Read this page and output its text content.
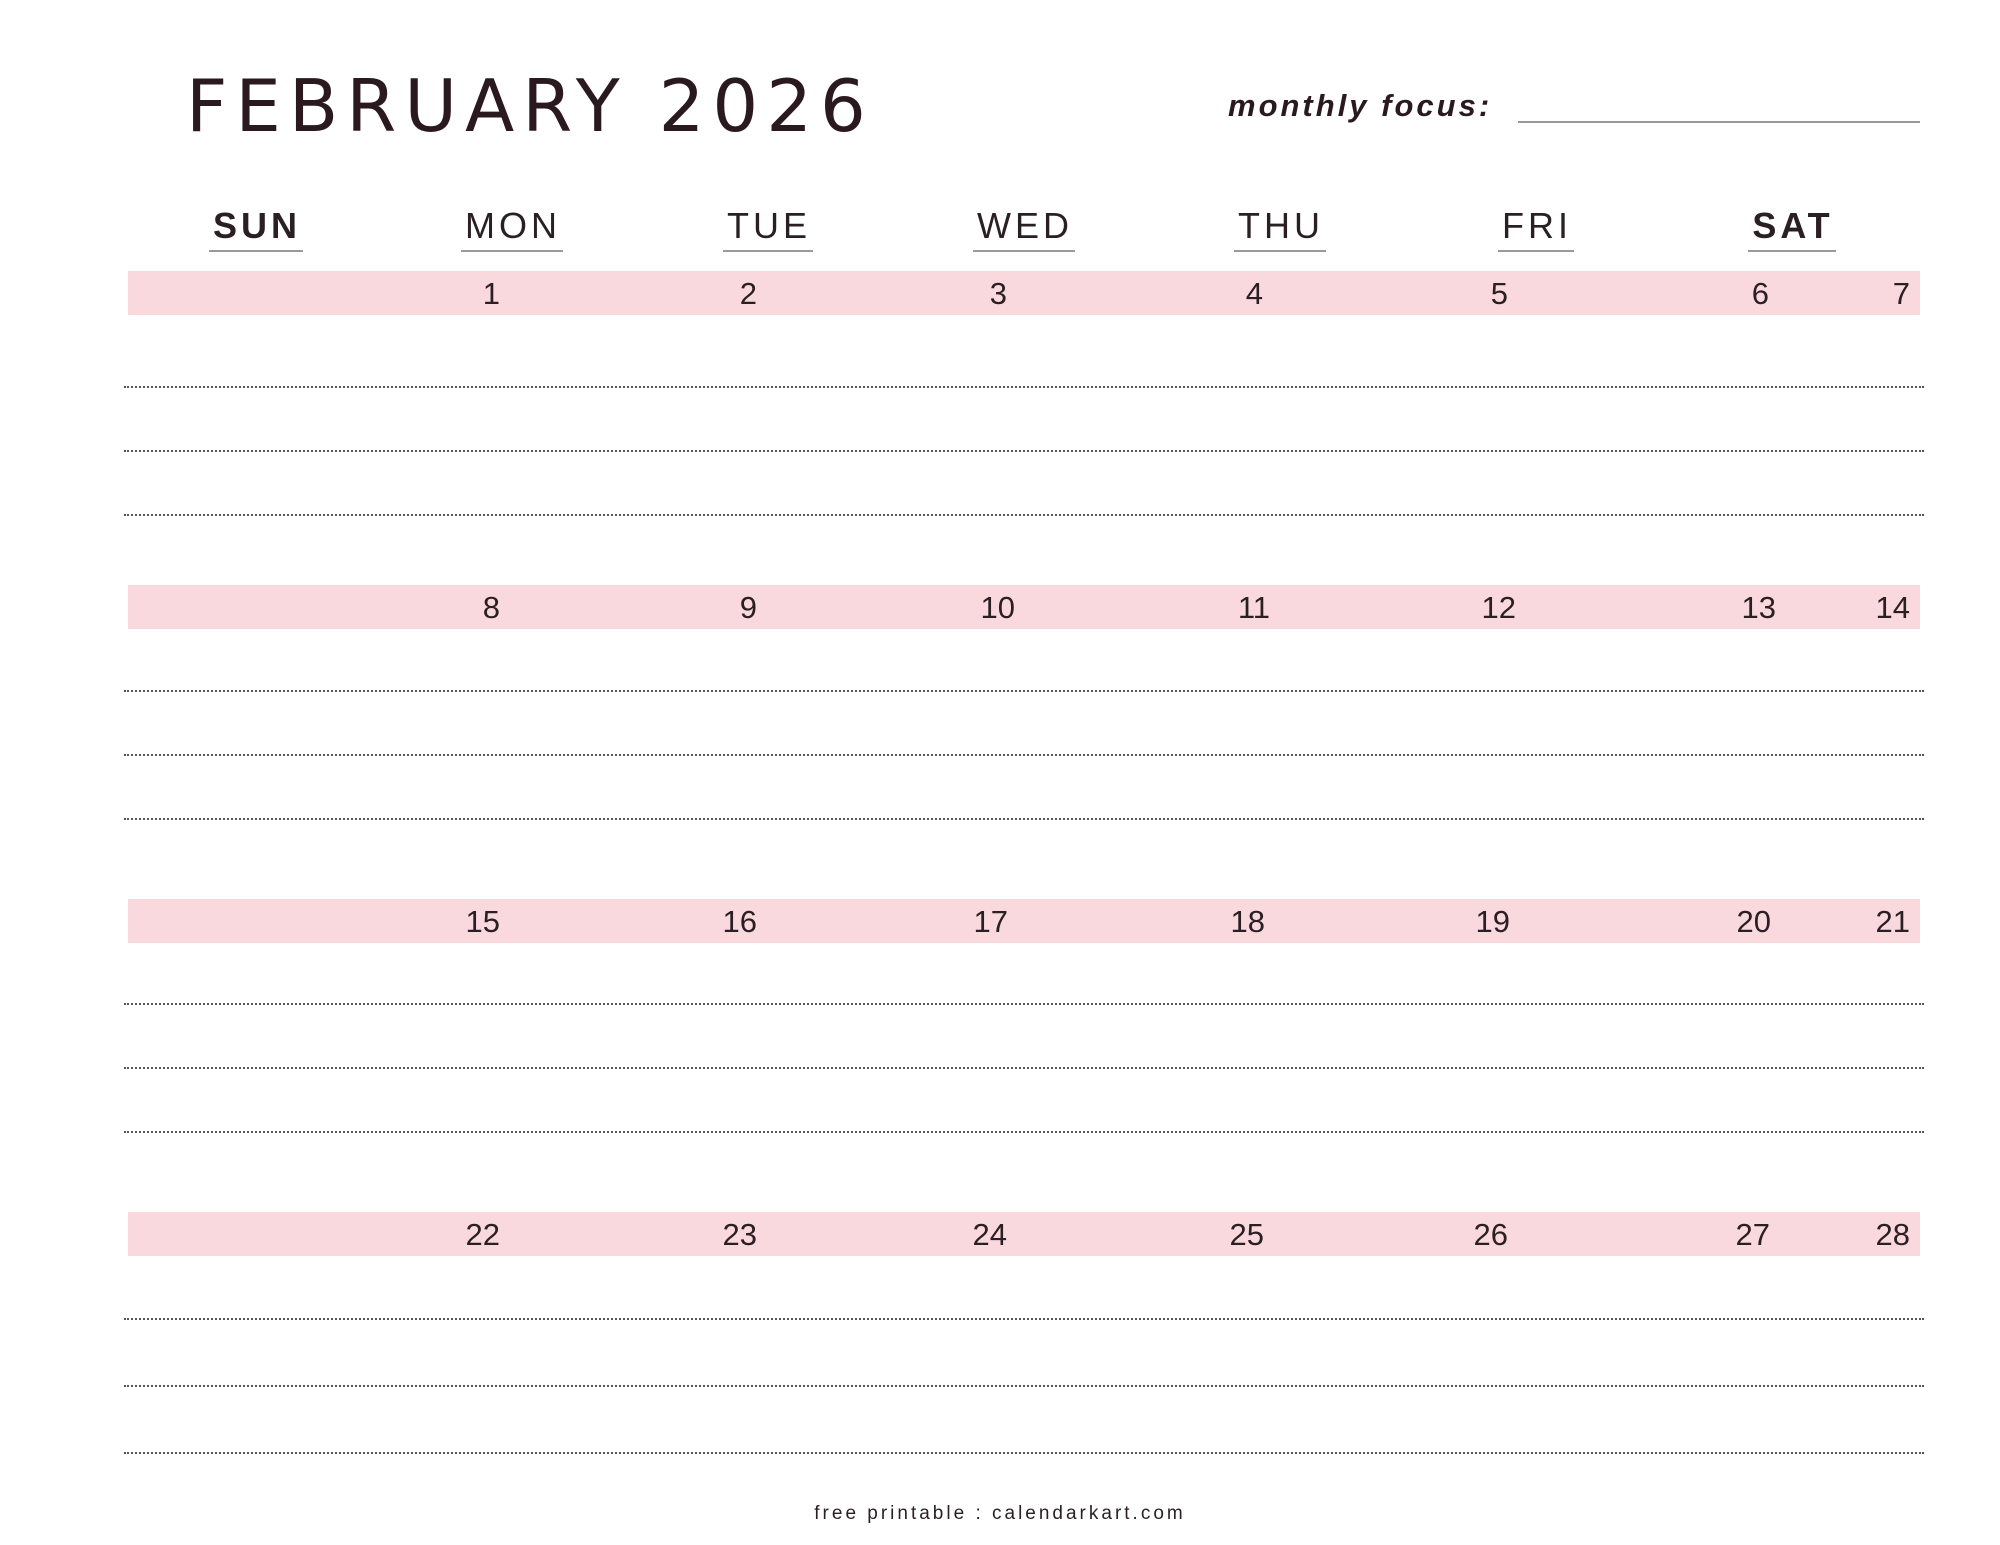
FEBRUARY 2026	monthly focus:
SUN	MON	TUE	WED	THU	FRI	SAT
1	2	3	4	5	6	7
8	9	10	11	12	13	14
15	16	17	18	19	20	21
22	23	24	25	26	27	28
free printable : calendarkart.com
